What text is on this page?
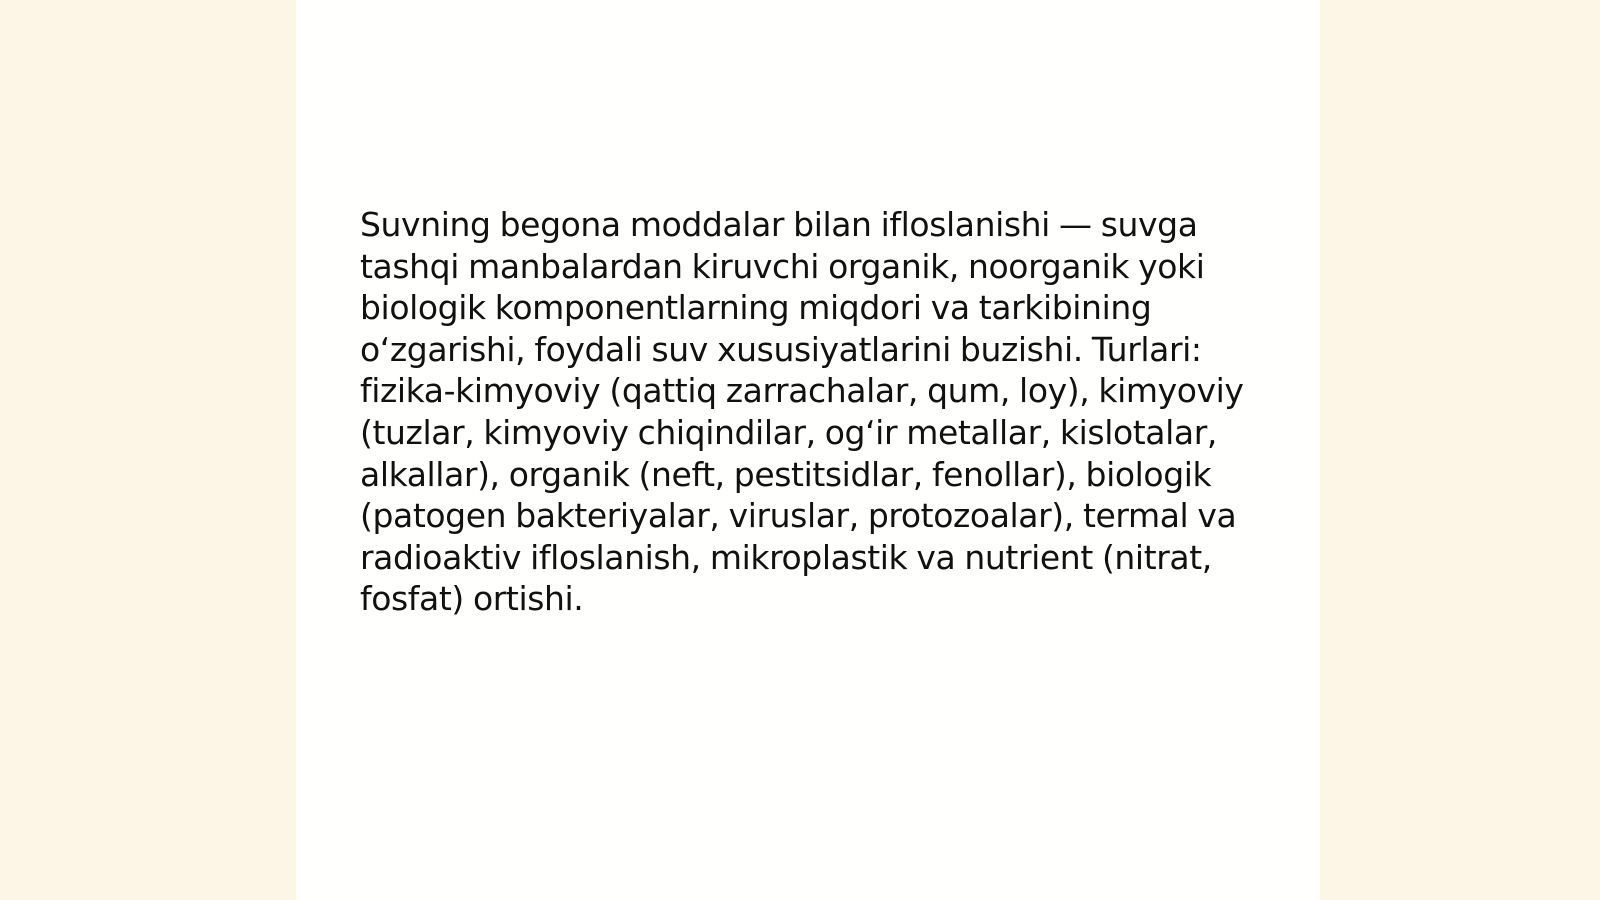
Suvning begona moddalar bilan ifloslanishi — suvga tashqi manbalardan kiruvchi organik, noorganik yoki biologik komponentlarning miqdori va tarkibining oʻzgarishi, foydali suv xususiyatlarini buzishi. Turlari: fizika-kimyoviy (qattiq zarrachalar, qum, loy), kimyoviy (tuzlar, kimyoviy chiqindilar, ogʻir metallar, kislotalar, alkallar), organik (neft, pestitsidlar, fenollar), biologik (patogen bakteriyalar, viruslar, protozoalar), termal va radioaktiv ifloslanish, mikroplastik va nutrient (nitrat, fosfat) ortishi.
